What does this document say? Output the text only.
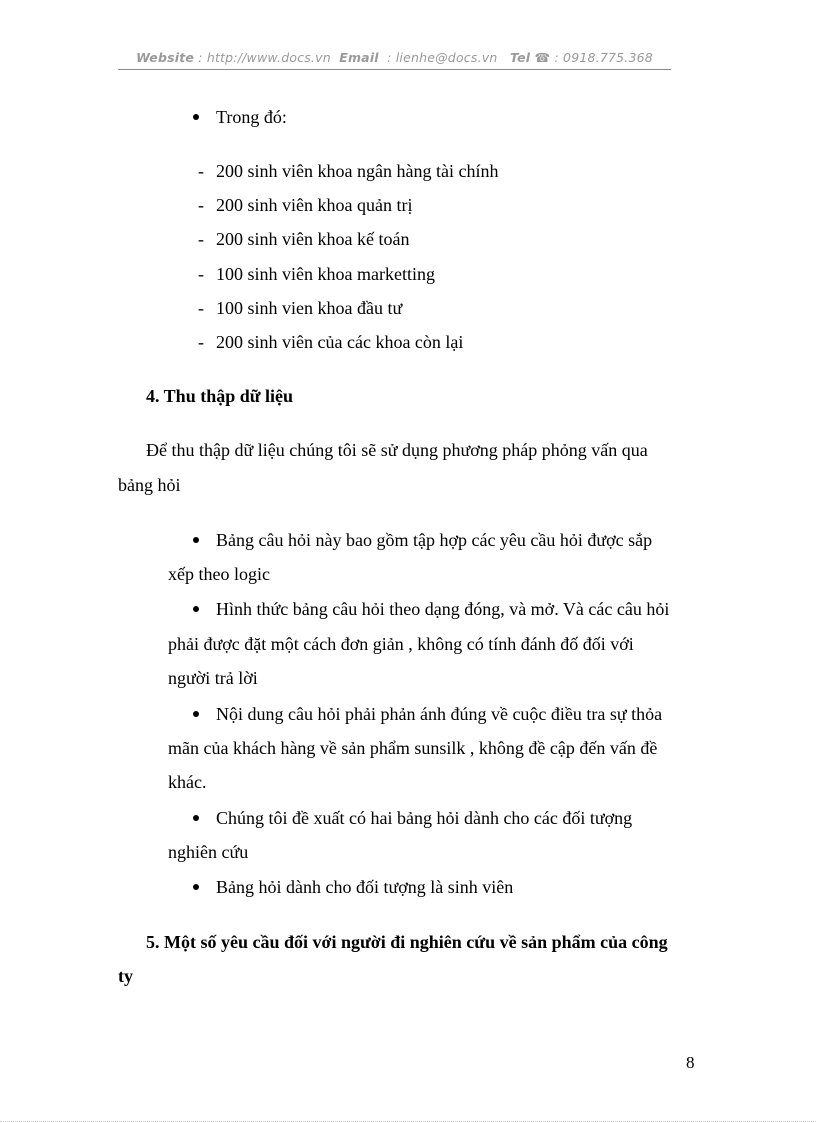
Website : http://www.docs.vn Email : lienhe@docs.vn Tel ☎ : 0918.775.368
Trong đó:
- 200 sinh viên khoa ngân hàng tài chính
- 200 sinh viên khoa quản trị
- 200 sinh viên khoa kế toán
- 100 sinh viên khoa marketting
- 100 sinh vien khoa đầu tư
- 200 sinh viên của các khoa còn lại
4. Thu thập dữ liệu
Để thu thập dữ liệu chúng tôi sẽ sử dụng phương pháp phỏng vấn qua
bảng hỏi
Bảng câu hỏi này bao gồm tập hợp các yêu cầu hỏi được sắp
xếp theo logic
Hình thức bảng câu hỏi theo dạng đóng, và mở. Và các câu hỏi
phải được đặt một cách đơn giản , không có tính đánh đố đối với
người trả lời
Nội dung câu hỏi phải phản ánh đúng về cuộc điều tra sự thỏa
mãn của khách hàng về sản phẩm sunsilk , không đề cập đến vấn đề
khác.
Chúng tôi đề xuất có hai bảng hỏi dành cho các đối tượng
nghiên cứu
Bảng hỏi dành cho đối tượng là sinh viên
5. Một số yêu cầu đối với người đi nghiên cứu về sản phẩm của công
ty
8
